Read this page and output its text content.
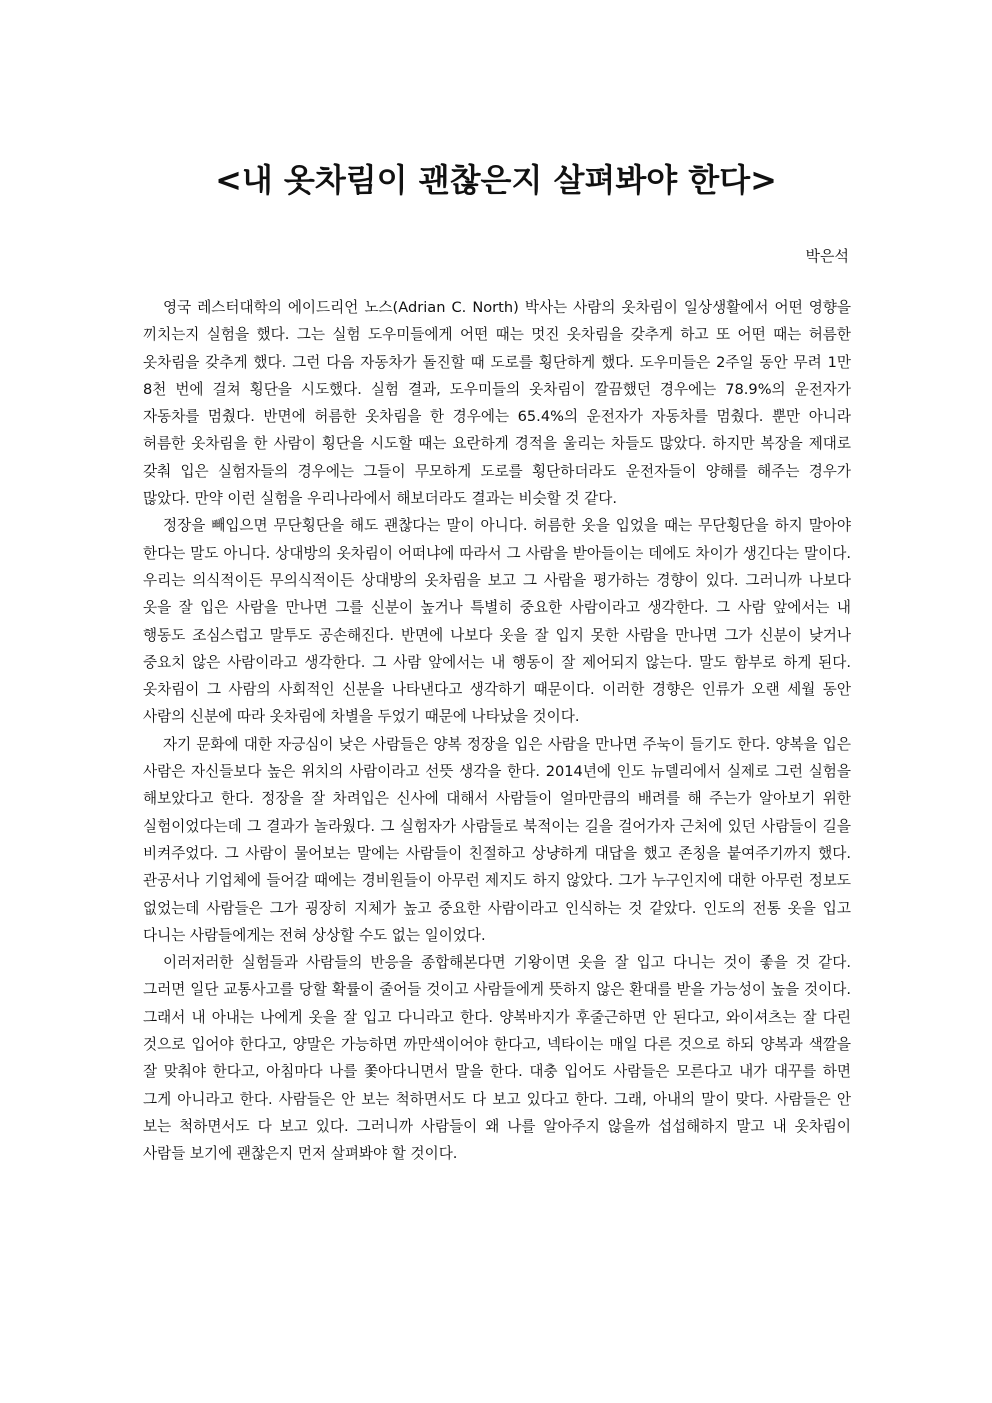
<내 옷차림이 괜찮은지 살펴봐야 한다>

박은석

영국 레스터대학의 에이드리언 노스(Adrian C. North) 박사는 사람의 옷차림이 일상생활에서 어떤 영향을 끼치는지 실험을 했다. 그는 실험 도우미들에게 어떤 때는 멋진 옷차림을 갖추게 하고 또 어떤 때는 허름한 옷차림을 갖추게 했다. 그런 다음 자동차가 돌진할 때 도로를 횡단하게 했다. 도우미들은 2주일 동안 무려 1만 8천 번에 걸쳐 횡단을 시도했다. 실험 결과, 도우미들의 옷차림이 깔끔했던 경우에는 78.9%의 운전자가 자동차를 멈췄다. 반면에 허름한 옷차림을 한 경우에는 65.4%의 운전자가 자동차를 멈췄다. 뿐만 아니라 허름한 옷차림을 한 사람이 횡단을 시도할 때는 요란하게 경적을 울리는 차들도 많았다. 하지만 복장을 제대로 갖춰 입은 실험자들의 경우에는 그들이 무모하게 도로를 횡단하더라도 운전자들이 양해를 해주는 경우가 많았다. 만약 이런 실험을 우리나라에서 해보더라도 결과는 비슷할 것 같다.

정장을 빼입으면 무단횡단을 해도 괜찮다는 말이 아니다. 허름한 옷을 입었을 때는 무단횡단을 하지 말아야 한다는 말도 아니다. 상대방의 옷차림이 어떠냐에 따라서 그 사람을 받아들이는 데에도 차이가 생긴다는 말이다. 우리는 의식적이든 무의식적이든 상대방의 옷차림을 보고 그 사람을 평가하는 경향이 있다. 그러니까 나보다 옷을 잘 입은 사람을 만나면 그를 신분이 높거나 특별히 중요한 사람이라고 생각한다. 그 사람 앞에서는 내 행동도 조심스럽고 말투도 공손해진다. 반면에 나보다 옷을 잘 입지 못한 사람을 만나면 그가 신분이 낮거나 중요치 않은 사람이라고 생각한다. 그 사람 앞에서는 내 행동이 잘 제어되지 않는다. 말도 함부로 하게 된다. 옷차림이 그 사람의 사회적인 신분을 나타낸다고 생각하기 때문이다. 이러한 경향은 인류가 오랜 세월 동안 사람의 신분에 따라 옷차림에 차별을 두었기 때문에 나타났을 것이다.

자기 문화에 대한 자긍심이 낮은 사람들은 양복 정장을 입은 사람을 만나면 주눅이 들기도 한다. 양복을 입은 사람은 자신들보다 높은 위치의 사람이라고 선뜻 생각을 한다. 2014년에 인도 뉴델리에서 실제로 그런 실험을 해보았다고 한다. 정장을 잘 차려입은 신사에 대해서 사람들이 얼마만큼의 배려를 해 주는가 알아보기 위한 실험이었다는데 그 결과가 놀라웠다. 그 실험자가 사람들로 북적이는 길을 걸어가자 근처에 있던 사람들이 길을 비켜주었다. 그 사람이 물어보는 말에는 사람들이 친절하고 상냥하게 대답을 했고 존칭을 붙여주기까지 했다. 관공서나 기업체에 들어갈 때에는 경비원들이 아무런 제지도 하지 않았다. 그가 누구인지에 대한 아무런 정보도 없었는데 사람들은 그가 굉장히 지체가 높고 중요한 사람이라고 인식하는 것 같았다. 인도의 전통 옷을 입고 다니는 사람들에게는 전혀 상상할 수도 없는 일이었다.

이러저러한 실험들과 사람들의 반응을 종합해본다면 기왕이면 옷을 잘 입고 다니는 것이 좋을 것 같다. 그러면 일단 교통사고를 당할 확률이 줄어들 것이고 사람들에게 뜻하지 않은 환대를 받을 가능성이 높을 것이다. 그래서 내 아내는 나에게 옷을 잘 입고 다니라고 한다. 양복바지가 후줄근하면 안 된다고, 와이셔츠는 잘 다린 것으로 입어야 한다고, 양말은 가능하면 까만색이어야 한다고, 넥타이는 매일 다른 것으로 하되 양복과 색깔을 잘 맞춰야 한다고, 아침마다 나를 쫓아다니면서 말을 한다. 대충 입어도 사람들은 모른다고 내가 대꾸를 하면 그게 아니라고 한다. 사람들은 안 보는 척하면서도 다 보고 있다고 한다. 그래, 아내의 말이 맞다. 사람들은 안 보는 척하면서도 다 보고 있다. 그러니까 사람들이 왜 나를 알아주지 않을까 섭섭해하지 말고 내 옷차림이 사람들 보기에 괜찮은지 먼저 살펴봐야 할 것이다.
